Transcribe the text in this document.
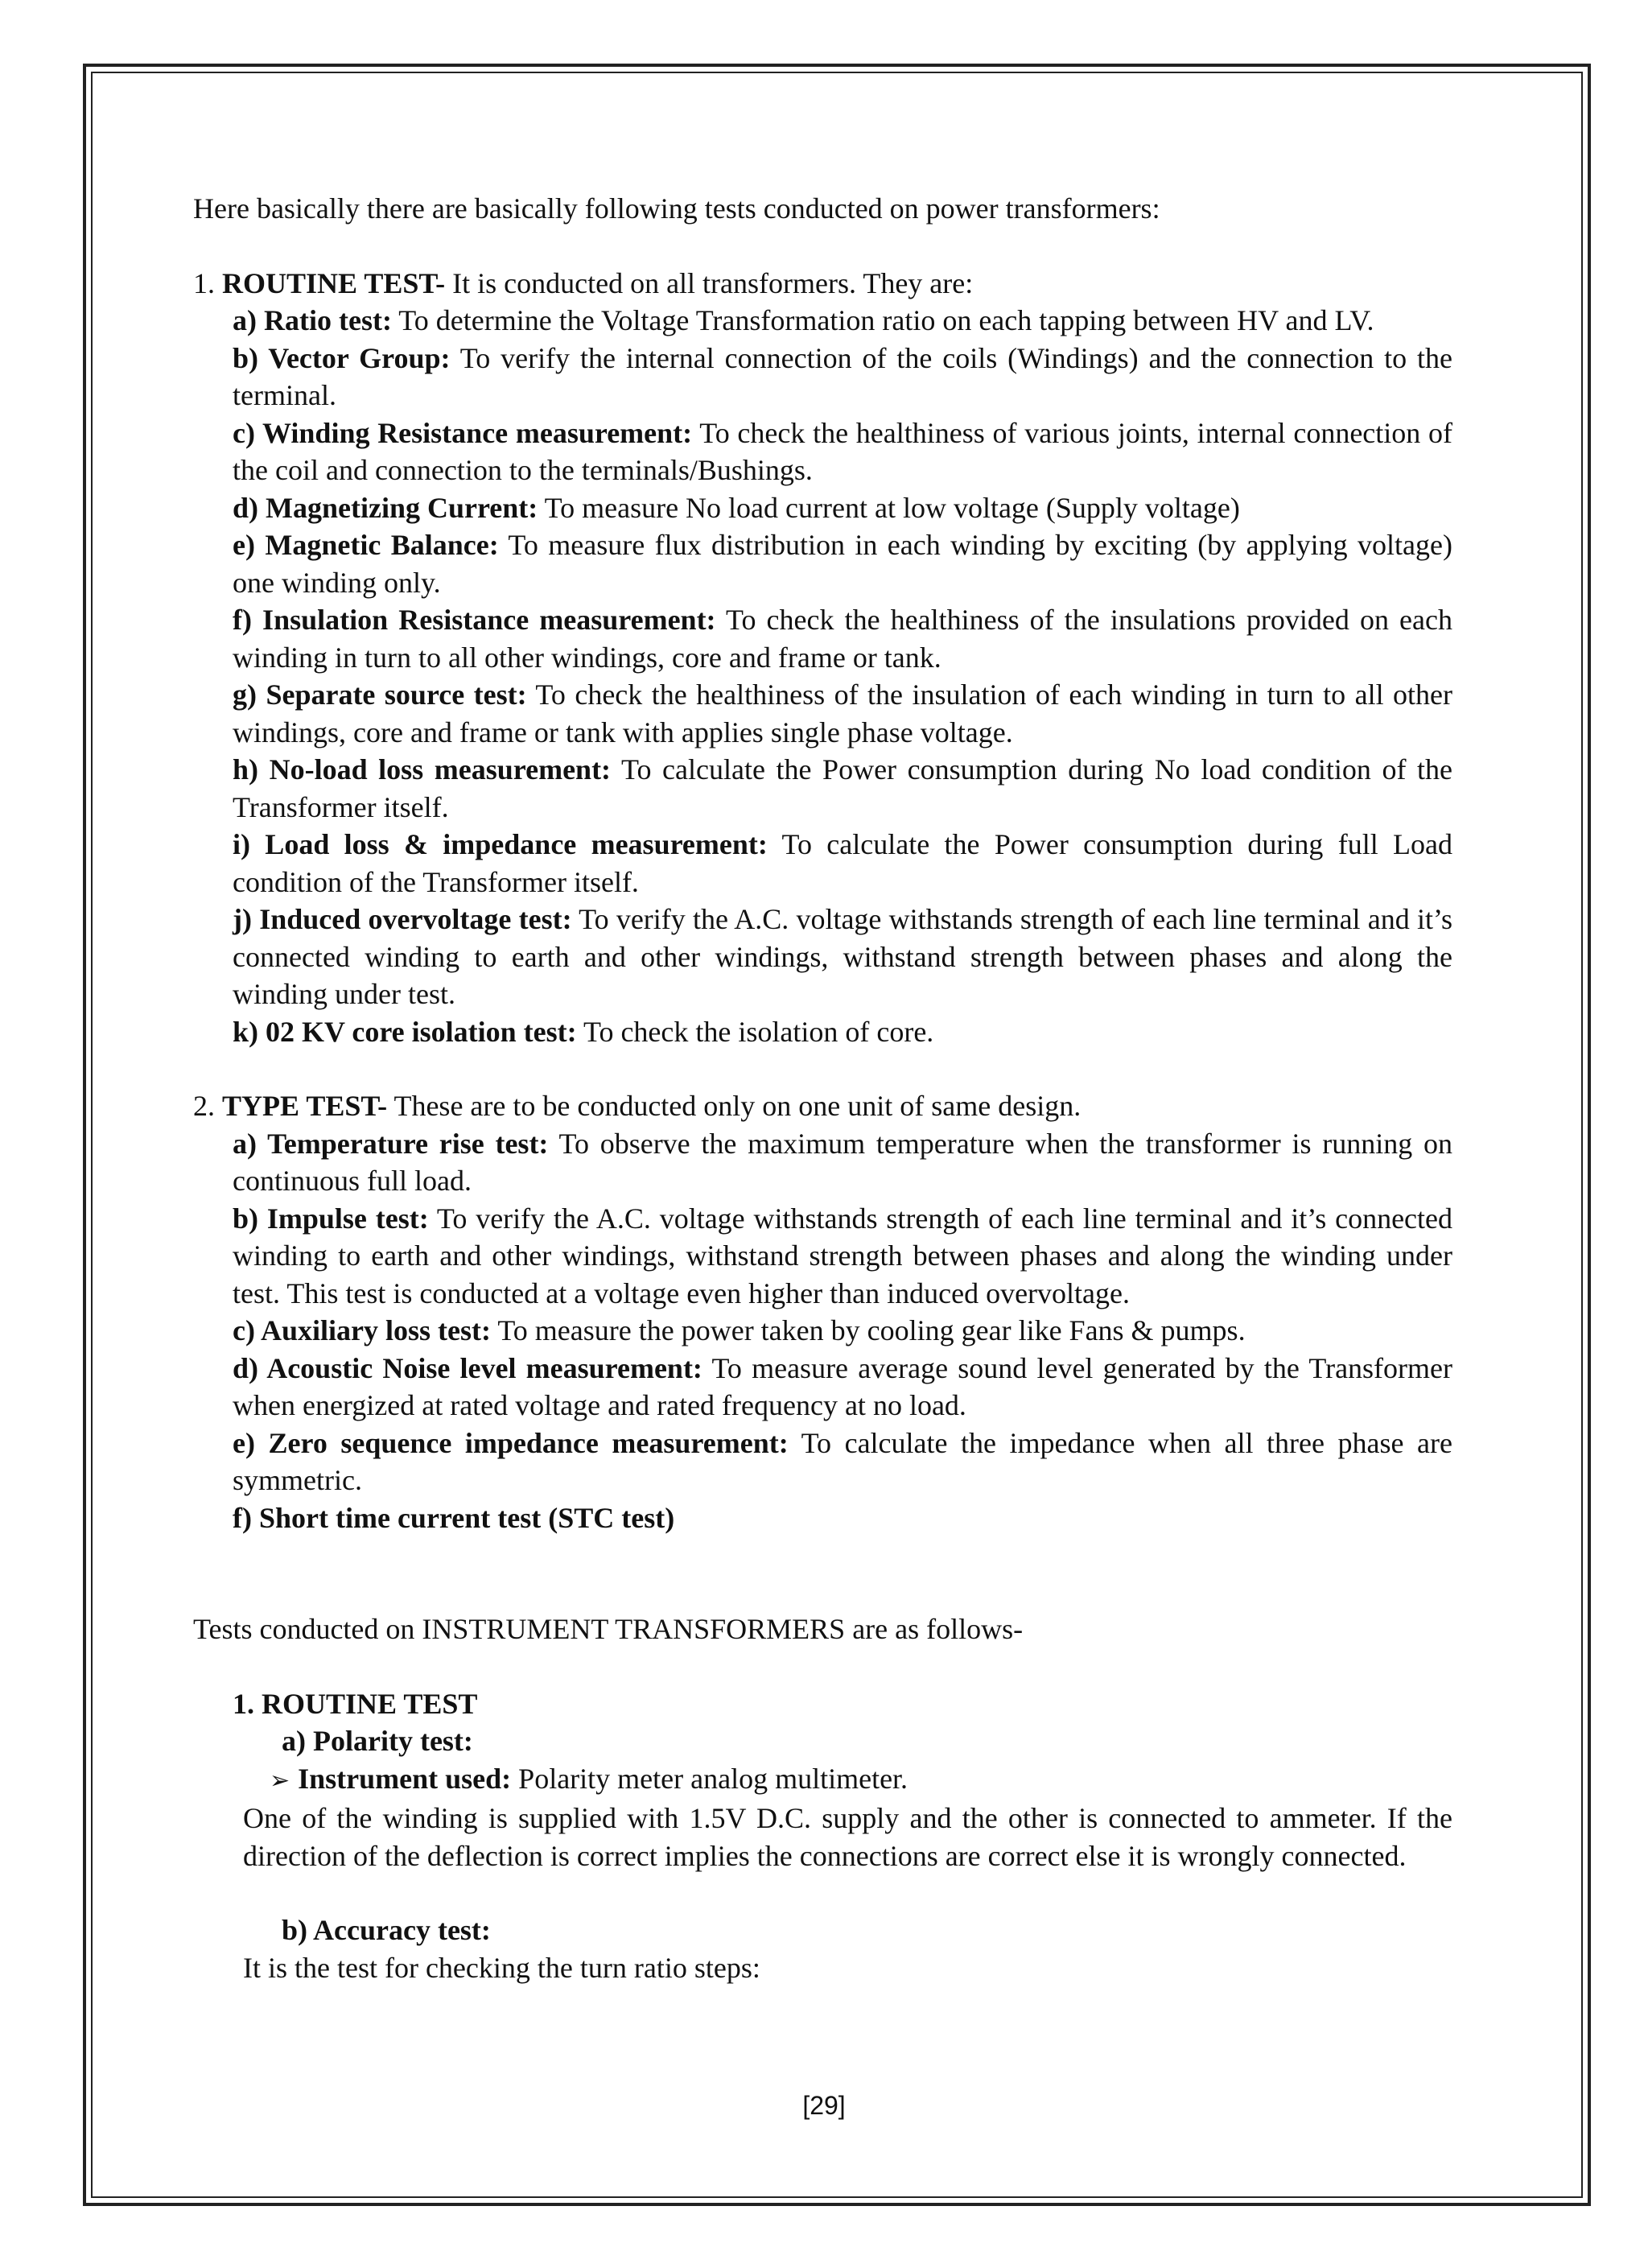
Here basically there are basically following tests conducted on power transformers:

1. ROUTINE TEST- It is conducted on all transformers. They are:

a) Ratio test: To determine the Voltage Transformation ratio on each tapping between HV and LV.

b) Vector Group: To verify the internal connection of the coils (Windings) and the connection to the terminal.

c) Winding Resistance measurement: To check the healthiness of various joints, internal connection of the coil and connection to the terminals/Bushings.

d) Magnetizing Current: To measure No load current at low voltage (Supply voltage)

e) Magnetic Balance: To measure flux distribution in each winding by exciting (by applying voltage) one winding only.

f) Insulation Resistance measurement: To check the healthiness of the insulations provided on each winding in turn to all other windings, core and frame or tank.

g) Separate source test: To check the healthiness of the insulation of each winding in turn to all other windings, core and frame or tank with applies single phase voltage.

h) No-load loss measurement: To calculate the Power consumption during No load condition of the Transformer itself.

i) Load loss & impedance measurement: To calculate the Power consumption during full Load condition of the Transformer itself.

j) Induced overvoltage test: To verify the A.C. voltage withstands strength of each line terminal and it’s connected winding to earth and other windings, withstand strength between phases and along the winding under test.

k) 02 KV core isolation test: To check the isolation of core.

2. TYPE TEST- These are to be conducted only on one unit of same design.

a) Temperature rise test: To observe the maximum temperature when the transformer is running on continuous full load.

b) Impulse test: To verify the A.C. voltage withstands strength of each line terminal and it’s connected winding to earth and other windings, withstand strength between phases and along the winding under test. This test is conducted at a voltage even higher than induced overvoltage.

c) Auxiliary loss test: To measure the power taken by cooling gear like Fans & pumps.

d) Acoustic Noise level measurement: To measure average sound level generated by the Transformer when energized at rated voltage and rated frequency at no load.

e) Zero sequence impedance measurement: To calculate the impedance when all three phase are symmetric.

f) Short time current test (STC test)

Tests conducted on INSTRUMENT TRANSFORMERS are as follows-

1. ROUTINE TEST

a) Polarity test:

➢ Instrument used: Polarity meter analog multimeter.

One of the winding is supplied with 1.5V D.C. supply and the other is connected to ammeter. If the direction of the deflection is correct implies the connections are correct else it is wrongly connected.

b) Accuracy test:

It is the test for checking the turn ratio steps:

[29]
